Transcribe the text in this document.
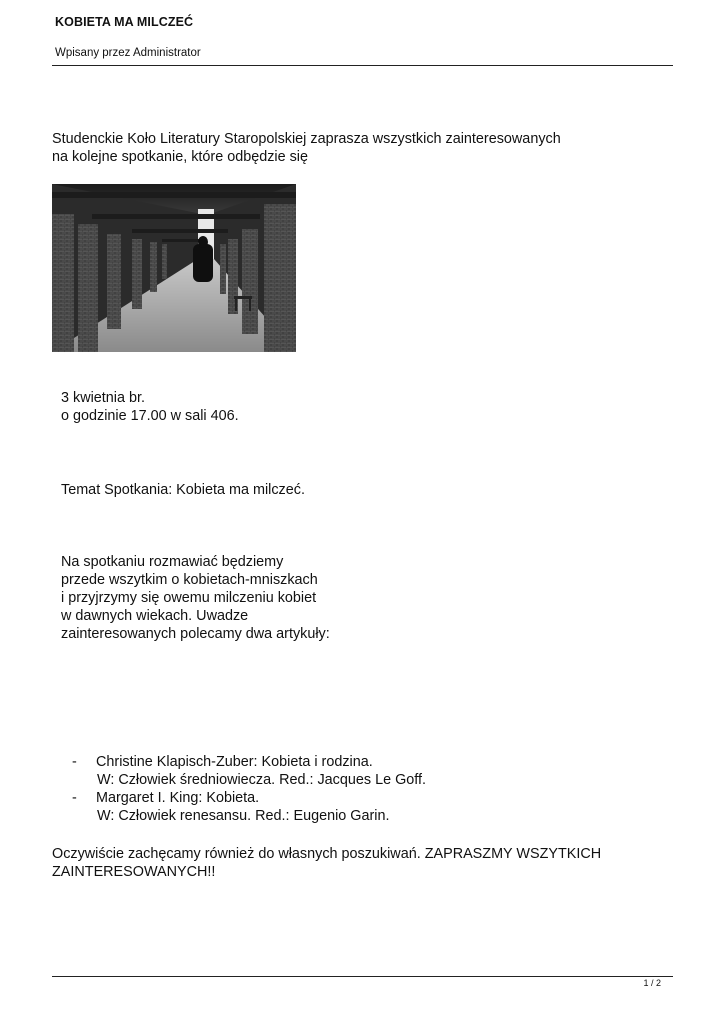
KOBIETA MA MILCZEĆ
Wpisany przez Administrator
Studenckie Koło Literatury Staropolskiej zaprasza wszystkich zainteresowanych
na kolejne spotkanie, które odbędzie się
3 kwietnia br.
o godzinie 17.00 w sali 406.
Temat Spotkania: Kobieta ma milczeć.
Na spotkaniu rozmawiać będziemy
przede wszytkim o kobietach-mniszkach
i przyjrzymy się owemu milczeniu kobiet
w dawnych wiekach. Uwadze
zainteresowanych polecamy dwa artykuły:
- Christine Klapisch-Zuber: Kobieta i rodzina.
W: Człowiek średniowiecza. Red.: Jacques Le Goff.
- Margaret I. King: Kobieta.
W: Człowiek renesansu. Red.: Eugenio Garin.
Oczywiście zachęcamy również do własnych poszukiwań. ZAPRASZMY WSZYTKICH
ZAINTERESOWANYCH!!
1 / 2
